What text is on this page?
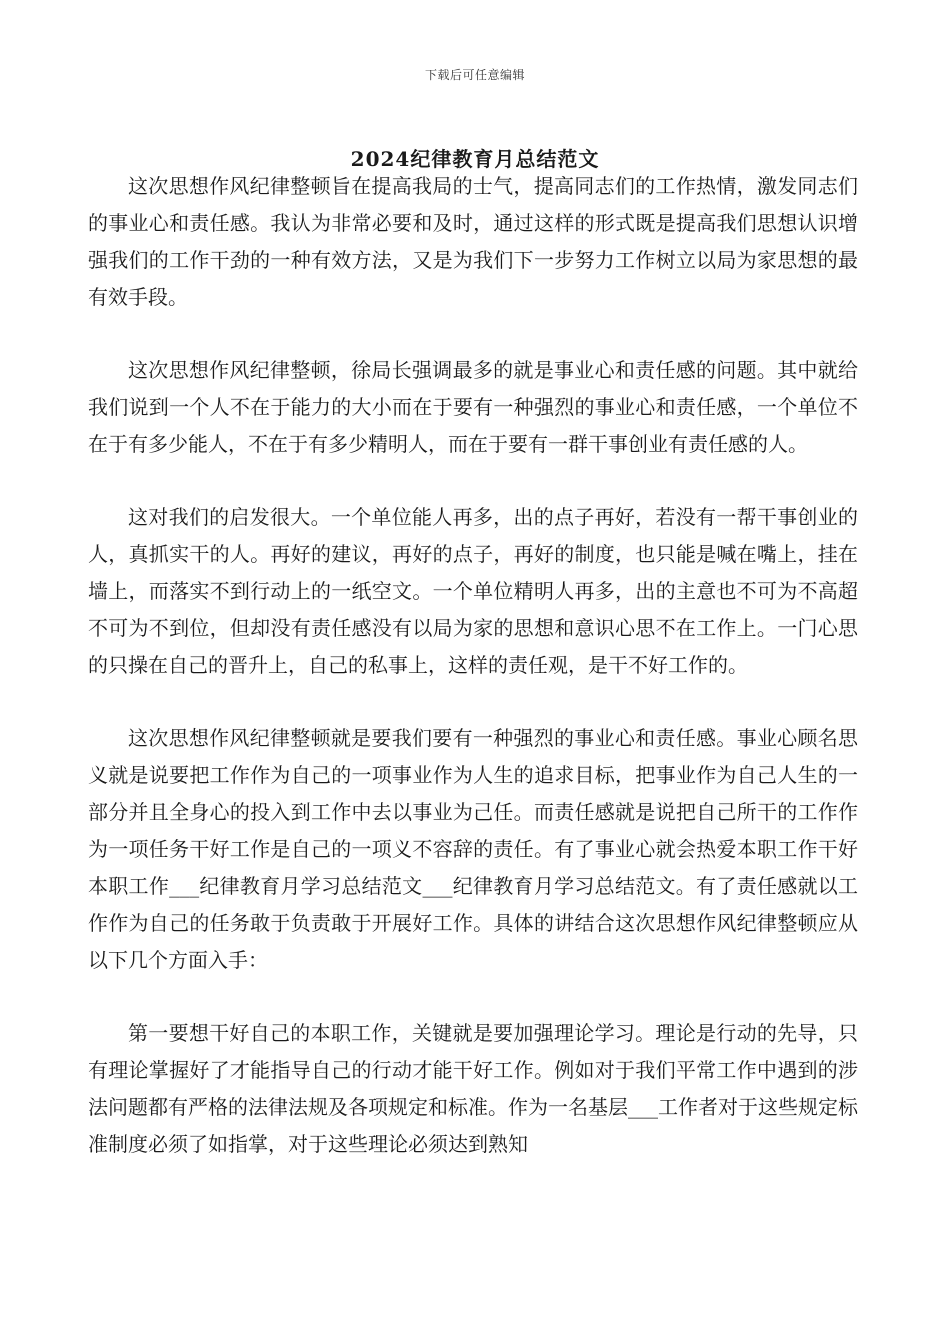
下载后可任意编辑
2024纪律教育月总结范文

这次思想作风纪律整顿旨在提高我局的士气，提高同志们的工作热情，激发同志们的事业心和责任感。我认为非常必要和及时，通过这样的形式既是提高我们思想认识增强我们的工作干劲的一种有效方法，又是为我们下一步努力工作树立以局为家思想的最有效手段。

这次思想作风纪律整顿，徐局长强调最多的就是事业心和责任感的问题。其中就给我们说到一个人不在于能力的大小而在于要有一种强烈的事业心和责任感，一个单位不在于有多少能人，不在于有多少精明人，而在于要有一群干事创业有责任感的人。

这对我们的启发很大。一个单位能人再多，出的点子再好，若没有一帮干事创业的人，真抓实干的人。再好的建议，再好的点子，再好的制度，也只能是喊在嘴上，挂在墙上，而落实不到行动上的一纸空文。一个单位精明人再多，出的主意也不可为不高超不可为不到位，但却没有责任感没有以局为家的思想和意识心思不在工作上。一门心思的只操在自己的晋升上，自己的私事上，这样的责任观，是干不好工作的。

这次思想作风纪律整顿就是要我们要有一种强烈的事业心和责任感。事业心顾名思义就是说要把工作作为自己的一项事业作为人生的追求目标，把事业作为自己人生的一部分并且全身心的投入到工作中去以事业为己任。而责任感就是说把自己所干的工作作为一项任务干好工作是自己的一项义不容辞的责任。有了事业心就会热爱本职工作干好本职工作___纪律教育月学习总结范文___纪律教育月学习总结范文。有了责任感就以工作作为自己的任务敢于负责敢于开展好工作。具体的讲结合这次思想作风纪律整顿应从以下几个方面入手：

第一要想干好自己的本职工作，关键就是要加强理论学习。理论是行动的先导，只有理论掌握好了才能指导自己的行动才能干好工作。例如对于我们平常工作中遇到的涉法问题都有严格的法律法规及各项规定和标准。作为一名基层___工作者对于这些规定标准制度必须了如指掌，对于这些理论必须达到熟知
